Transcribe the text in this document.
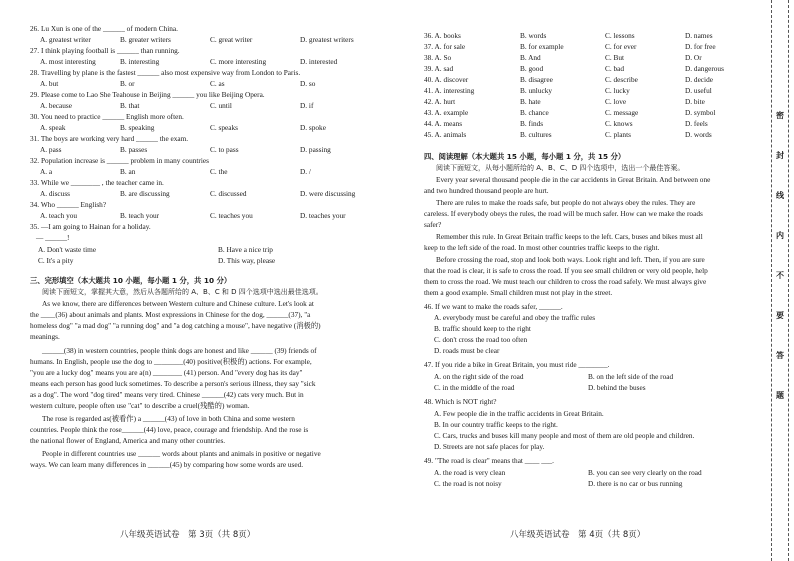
26. Lu Xun is one of the ______ of modern China.
A. greatest writer	B. greater writers	C. great writer	D. greatest writers
27. I think playing football is ______ than running.
A. most interesting	B. interesting	C. more interesting	D. interested
28. Travelling by plane is the fastest ______ also most expensive way from London to Paris.
A. but	B. or	C. as	D. so
29. Please come to Lao She Teahouse in Beijing ______ you like Beijing Opera.
A. because	B. that	C. until	D. if
30. You need to practice ______ English more often.
A. speak	B. speaking	C. speaks	D. spoke
31. The boys are working very hard ______ the exam.
A. pass	B. passes	C. to pass	D. passing
32. Population increase is ______ problem in many countries
A. a	B. an	C. the	D. /
33. While we ________ , the teacher came in.
A. discuss	B. are discussing	C. discussed	D. were discussing
34. Who ______ English?
A. teach you	B. teach your	C. teaches you	D. teaches your
35. —I am going to Hainan for a holiday.
— ______!
A. Don't waste time	B. Have a nice trip
C. It's a pity	D. This way, please
三、完形填空（本大题共 10 小题，每小题 1 分，共 10 分）
阅读下面短文，掌握其大意，然后从各题所给的 A、B、C 和 D 四个选项中选出最佳选项。
As we know, there are differences between Western culture and Chinese culture. Let's look at
the ____(36) about animals and plants. Most expressions in Chinese for the dog, ______(37), "a
homeless dog" "a mad dog" "a running dog" and "a dog catching a mouse", have negative (消极的)
meanings.
______(38) in western countries, people think dogs are honest and like ______ (39) friends of
humans. In English, people use the dog to ________(40) positive(积极的) actions. For example,
"you are a lucky dog" means you are a(n) ________ (41) person. And "every dog has its day"
means each person has good luck sometimes. To describe a person's serious illness, they say "sick
as a dog". The word "dog tired" means very tired. Chinese ______(42) cats very much. But in
western culture, people often use "cat" to describe a cruel(残酷的) woman.
The rose is regarded as(被看作) a ______(43) of love in both China and some western
countries. People think the rose______(44) love, peace, courage and friendship. And the rose is
the national flower of England, America and many other countries.
People in different countries use ______ words about plants and animals in positive or negative
ways. We can learn many differences in ______(45) by comparing how some words are used.
八年级英语试卷　第 3页（共 8页）
36. A. books	B. words	C. lessons	D. names
37. A. for sale	B. for example	C. for ever	D. for free
38. A. So	B. And	C. But	D. Or
39. A. sad	B. good	C. bad	D. dangerous
40. A. discover	B. disagree	C. describe	D. decide
41. A. interesting	B. unlucky	C. lucky	D. useful
42. A. hurt	B. hate	C. love	D. bite
43. A. example	B. chance	C. message	D. symbol
44. A. means	B. finds	C. knows	D. feels
45. A. animals	B. cultures	C. plants	D. words
四、阅读理解（本大题共 15 小题，每小题 1 分，共 15 分）
阅读下面短文，从每小题所给的 A、B、C、D 四个选项中，选出一个最佳答案。
Every year several thousand people die in the car accidents in Great Britain. And between one
and two hundred thousand people are hurt.
There are rules to make the roads safe, but people do not always obey the rules. They are
careless. If everybody obeys the rules, the road will be much safer. How can we make the roads
safer?
Remember this rule. In Great Britain traffic keeps to the left. Cars, buses and bikes must all
keep to the left side of the road. In most other countries traffic keeps to the right.
Before crossing the road, stop and look both ways. Look right and left. Then, if you are sure
that the road is clear, it is safe to cross the road. If you see small children or very old people, help
them to cross the road. We must teach our children to cross the road safely. We must always give
them a good example. Small children must not play in the street.
46. If we want to make the roads safer, ______.
A. everybody must be careful and obey the traffic rules
B. traffic should keep to the right
C. don't cross the road too often
D. roads must be clear
47. If you ride a bike in Great Britain, you must ride ________.
A. on the right side of the road	B. on the left side of the road
C. in the middle of the road	D. behind the buses
48. Which is NOT right?
A. Few people die in the traffic accidents in Great Britain.
B. In our country traffic keeps to the right.
C. Cars, trucks and buses kill many people and most of them are old people and children.
D. Streets are not safe places for play.
49. "The road is clear" means that ____ ___.
A. the road is very clean	B. you can see very clearly on the road
C. the road is not noisy	D. there is no car or bus running
八年级英语试卷　第 4页（共 8页）
密
封
线
内
不
要
答
题
